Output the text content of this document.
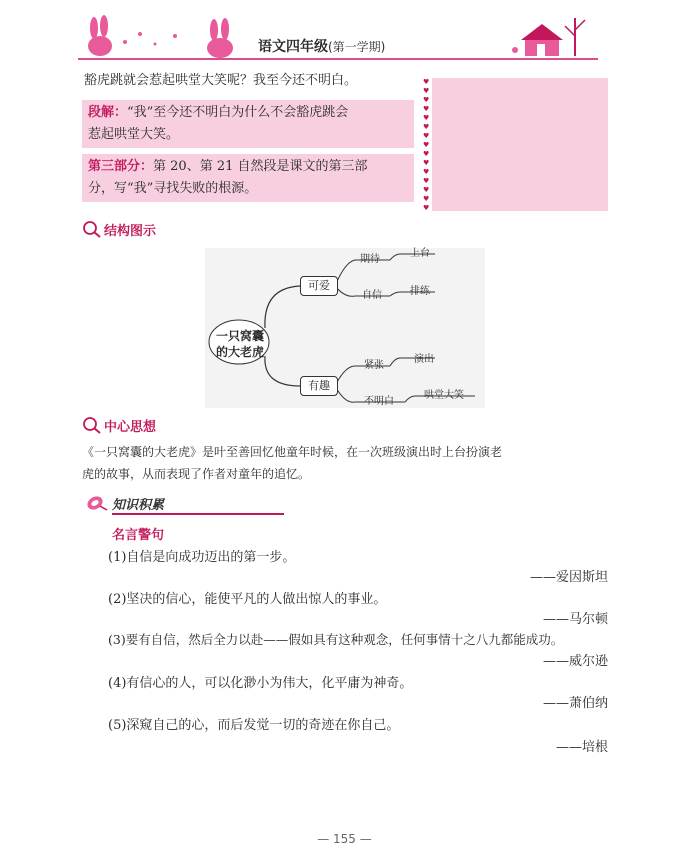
语文四年级(第一学期)
豁虎跳就会惹起哄堂大笑呢？我至今还不明白。
段解：“我”至今还不明白为什么不会豁虎跳会
惹起哄堂大笑。
第三部分：第 20、第 21 自然段是课文的第三部
分，写“我”寻找失败的根源。
♥
♥
♥
♥
♥
♥
♥
♥
♥
♥
♥
♥
♥
♥
♥
结构图示
一只窝囊
的大老虎
可爱
有趣
期待
上台
自信	排练
紧张
演出
不明白
哄堂大笑
中心思想
《一只窝囊的大老虎》是叶至善回忆他童年时候，在一次班级演出时上台扮演老
虎的故事，从而表现了作者对童年的追忆。
知识积累
名言警句
(1)自信是向成功迈出的第一步。
——爱因斯坦
(2)坚决的信心，能使平凡的人做出惊人的事业。
——马尔顿
(3)要有自信，然后全力以赴——假如具有这种观念，任何事情十之八九都能成功。
——威尔逊
(4)有信心的人，可以化渺小为伟大，化平庸为神奇。
——萧伯纳
(5)深窥自己的心，而后发觉一切的奇迹在你自己。
——培根
— 155 —
